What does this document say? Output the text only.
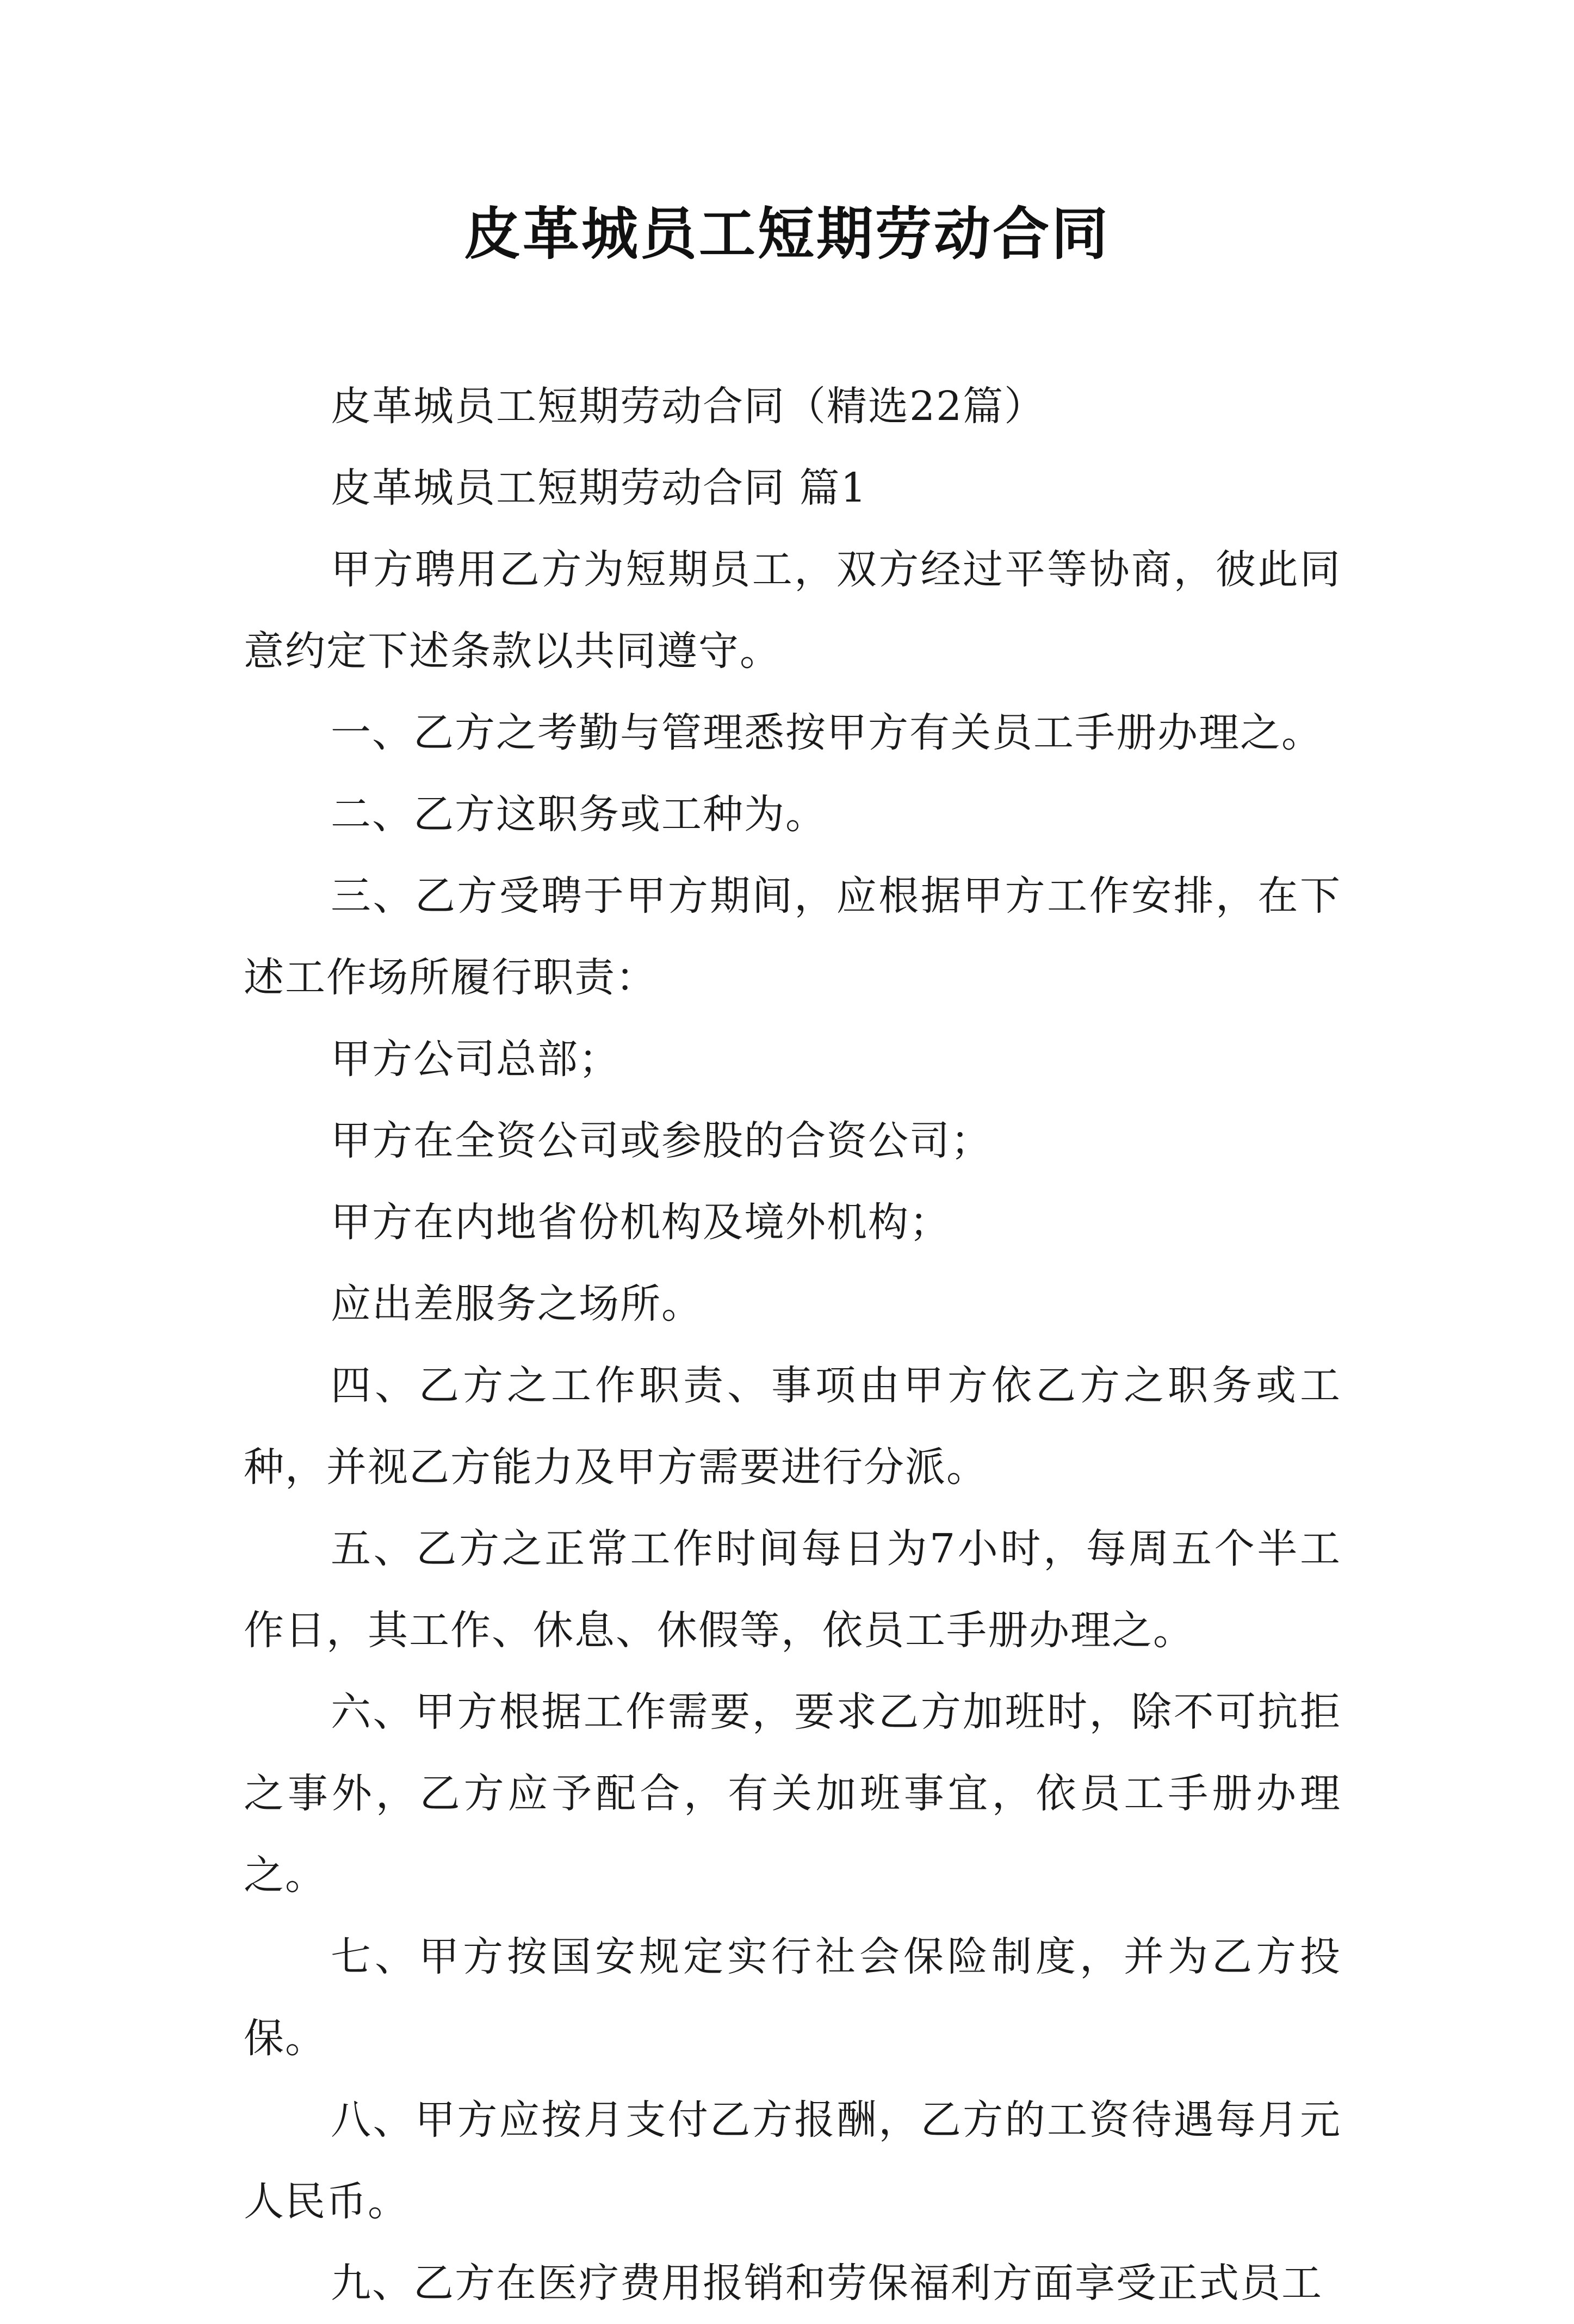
皮革城员工短期劳动合同

皮革城员工短期劳动合同（精选22篇）

皮革城员工短期劳动合同 篇1

甲方聘用乙方为短期员工，双方经过平等协商，彼此同意约定下述条款以共同遵守。

一、乙方之考勤与管理悉按甲方有关员工手册办理之。

二、乙方这职务或工种为。

三、乙方受聘于甲方期间，应根据甲方工作安排，在下述工作场所履行职责：

甲方公司总部；

甲方在全资公司或参股的合资公司；

甲方在内地省份机构及境外机构；

应出差服务之场所。

四、乙方之工作职责、事项由甲方依乙方之职务或工种，并视乙方能力及甲方需要进行分派。

五、乙方之正常工作时间每日为7小时，每周五个半工作日，其工作、休息、休假等，依员工手册办理之。

六、甲方根据工作需要，要求乙方加班时，除不可抗拒之事外，乙方应予配合，有关加班事宜，依员工手册办理之。

七、甲方按国安规定实行社会保险制度，并为乙方投保。

八、甲方应按月支付乙方报酬，乙方的工资待遇每月元人民币。

九、乙方在医疗费用报销和劳保福利方面享受正式员工
